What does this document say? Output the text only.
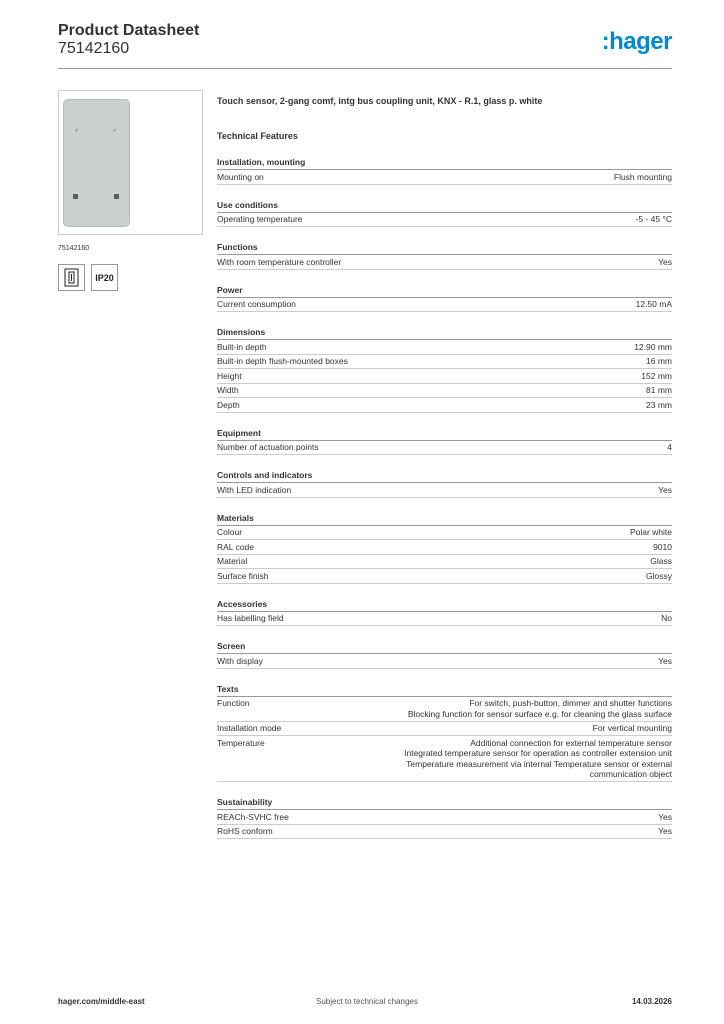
Product Datasheet
75142160	:hager
⇗	⇗
75142160
IP20
Touch sensor, 2-gang comf, intg bus coupling unit, KNX - R.1, glass p. white
Technical Features
Installation, mounting
Mounting on	Flush mounting
Use conditions
Operating temperature	-5 - 45 °C
Functions
With room temperature controller	Yes
Power
Current consumption	12.50 mA
Dimensions
Built-in depth	12.90 mm
Built-in depth flush-mounted boxes	16 mm
Height	152 mm
Width	81 mm
Depth	23 mm
Equipment
Number of actuation points	4
Controls and indicators
With LED indication	Yes
Materials
Colour	Polar white
RAL code	9010
Material	Glass
Surface finish	Glossy
Accessories
Has labelling field	No
Screen
With display	Yes
Texts
Function	For switch, push-button, dimmer and shutter functions
Blocking function for sensor surface e.g. for cleaning the glass surface
Installation mode	For vertical mounting
Temperature	Additional connection for external temperature sensor
Integrated temperature sensor for operation as controller extension unit
Temperature measurement via internal Temperature sensor or external communication object
Sustainability
REACh-SVHC free	Yes
RoHS conform	Yes
hager.com/middle-east	Subject to technical changes	14.03.2026
